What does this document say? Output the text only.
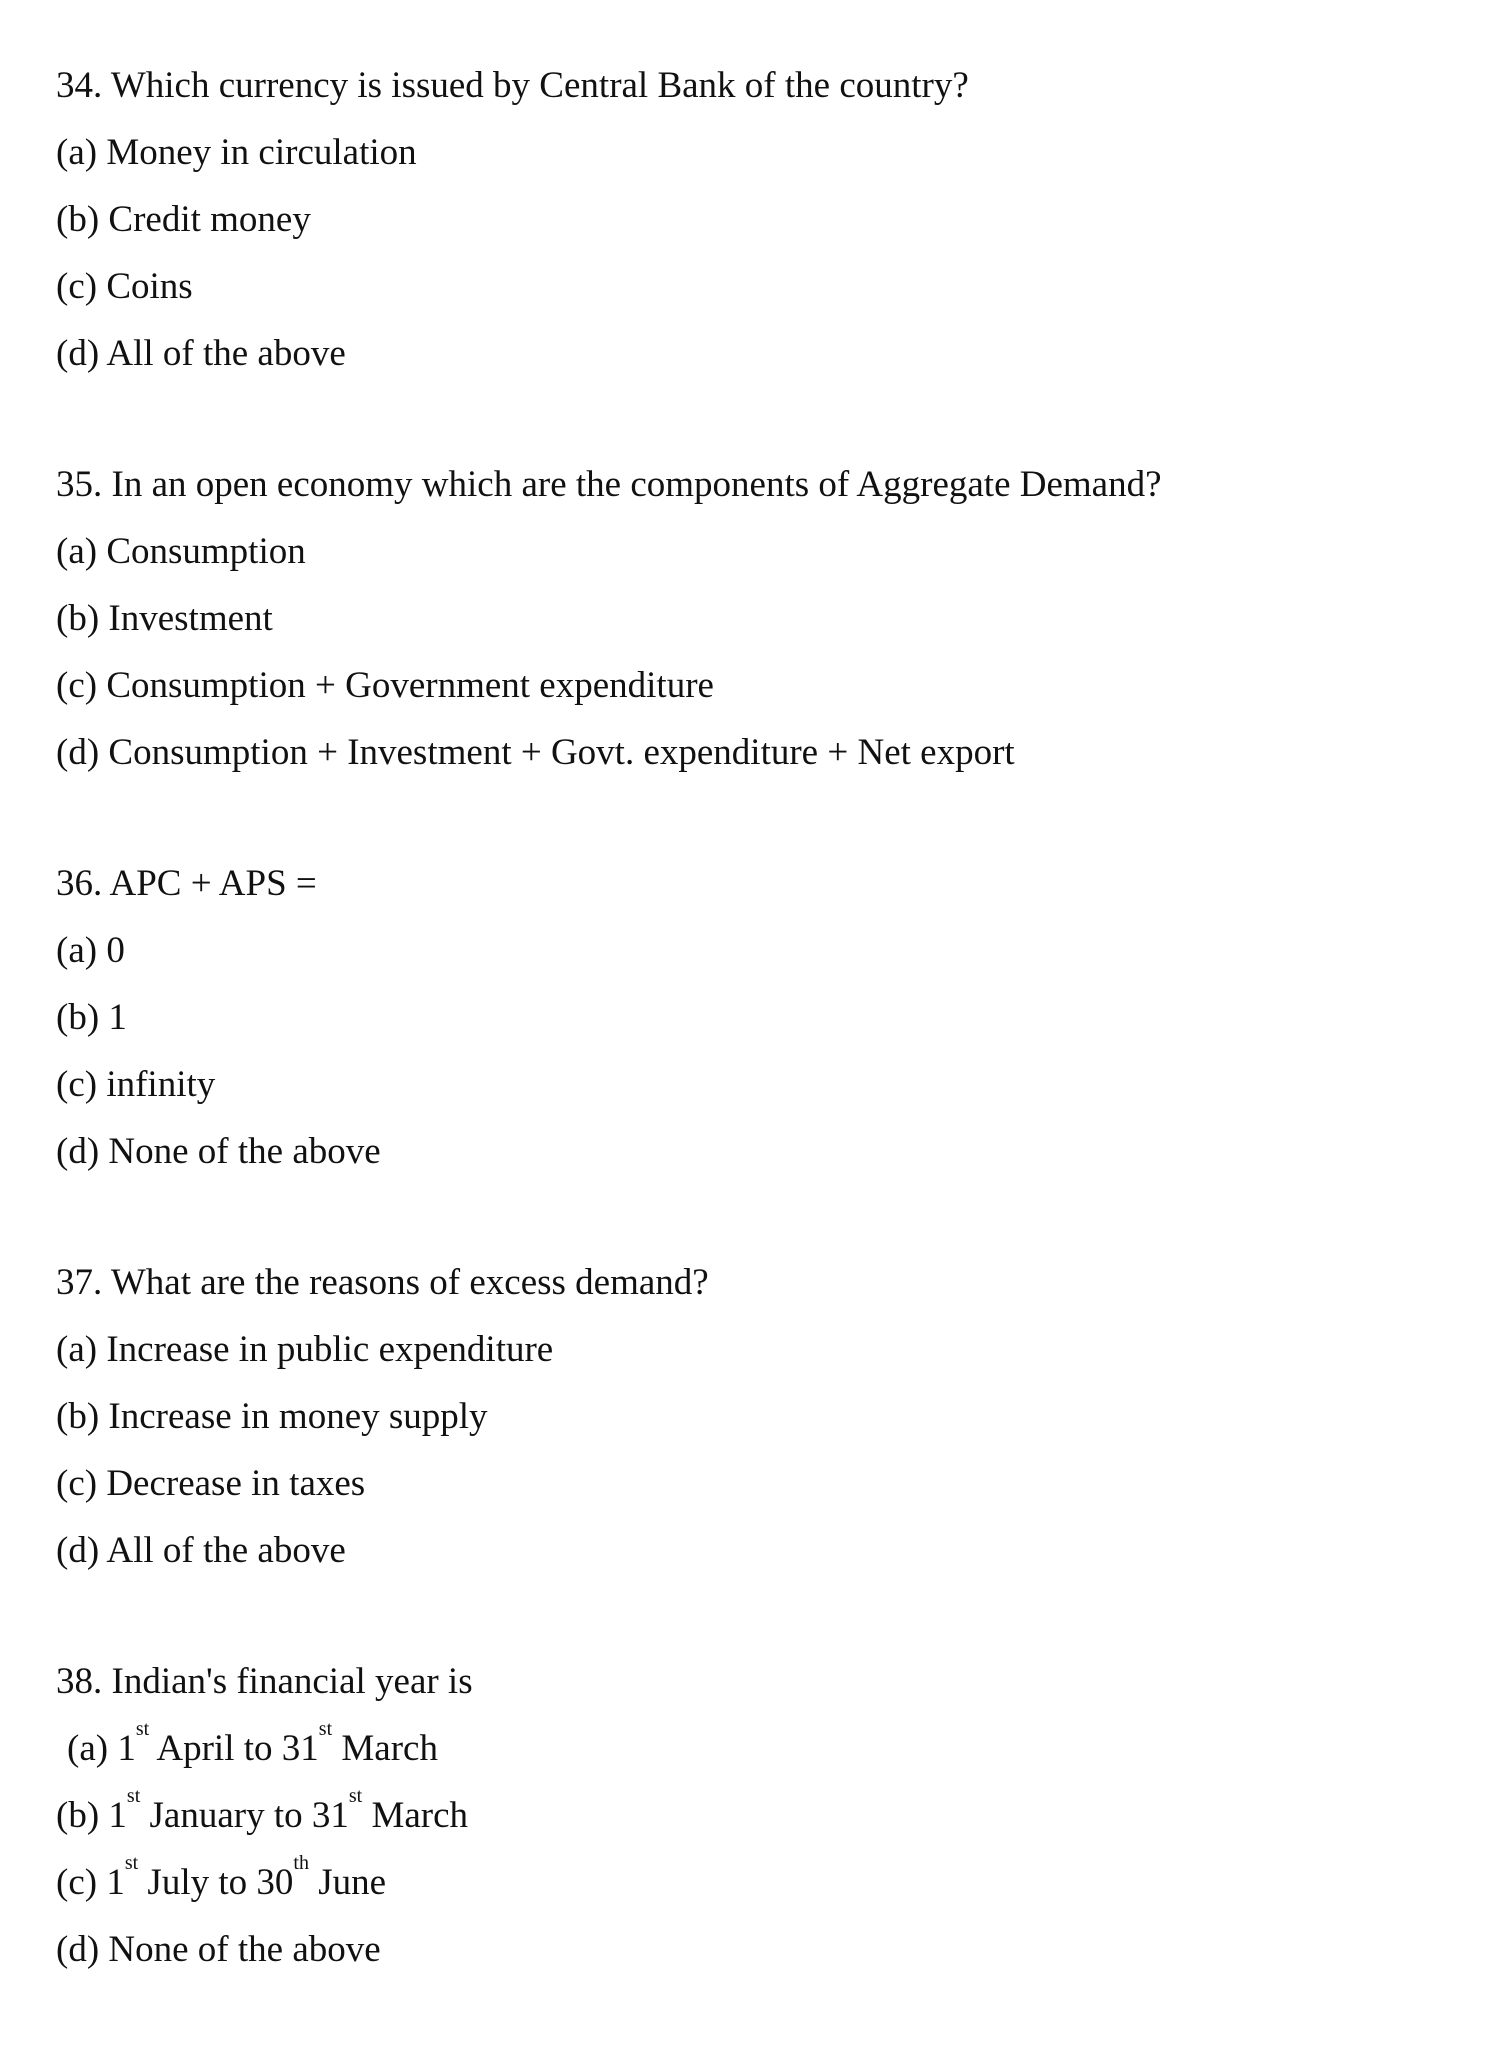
34. Which currency is issued by Central Bank of the country?
(a) Money in circulation
(b) Credit money
(c) Coins
(d) All of the above
35. In an open economy which are the components of Aggregate Demand?
(a) Consumption
(b) Investment
(c) Consumption + Government expenditure
(d) Consumption + Investment + Govt. expenditure + Net export
36. APC + APS =
(a) 0
(b) 1
(c) infinity
(d) None of the above
37. What are the reasons of excess demand?
(a) Increase in public expenditure
(b) Increase in money supply
(c) Decrease in taxes
(d) All of the above
38. Indian's financial year is
(a) 1st April to 31st March
(b) 1st January to 31st March
(c) 1st July to 30th June
(d) None of the above
